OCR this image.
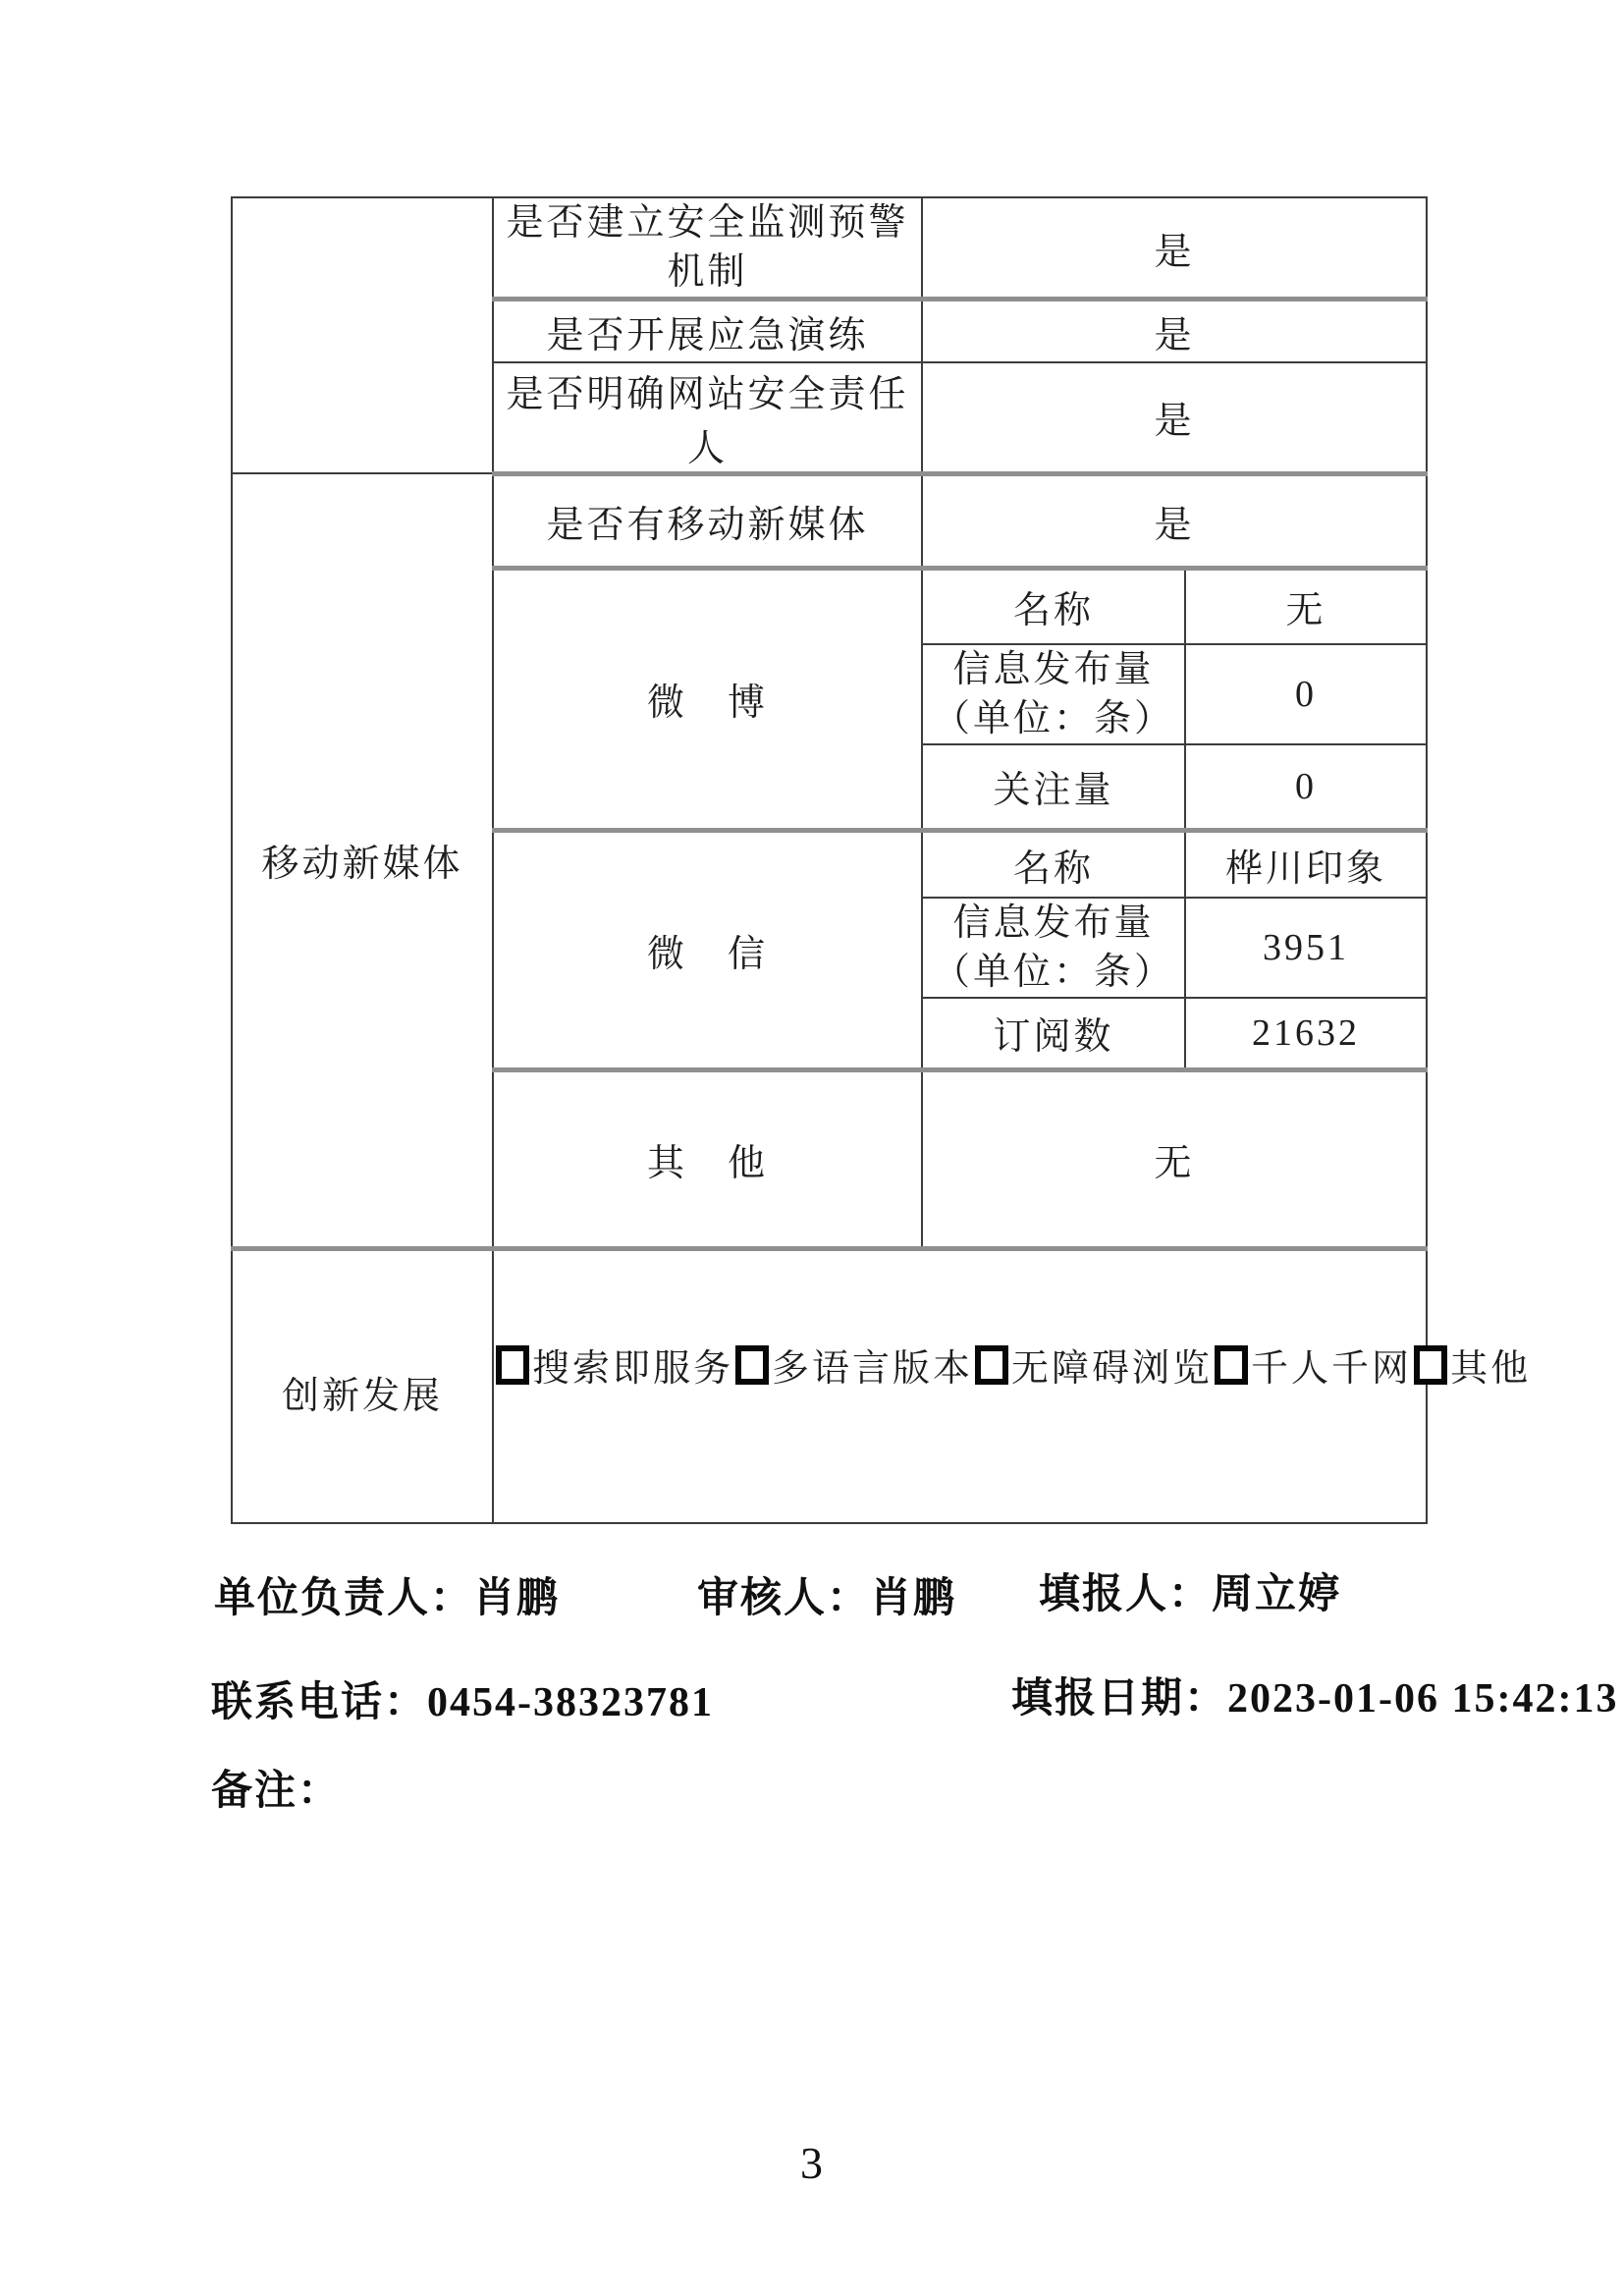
	是否建立安全监测预警
机制	是	
	是否开展应急演练	是	
	是否明确网站安全责任人	是	
移动新媒体	是否有移动新媒体	是	
	微　博	名称	无

		信息发布量
（单位：条）	0
		关注量	0
	微　信	名称	桦川印象

		信息发布量
（单位：条）	3951
		订阅数	21632
	其　他	无	

创新发展	搜索即服务 多语言版本 无障碍浏览 千人千网 其他		
单位负责人：肖鹏	审核人：肖鹏 填报人：周立婷
联系电话：0454-38323781	填报日期：2023-01-06 15:42:13
备注：
3
